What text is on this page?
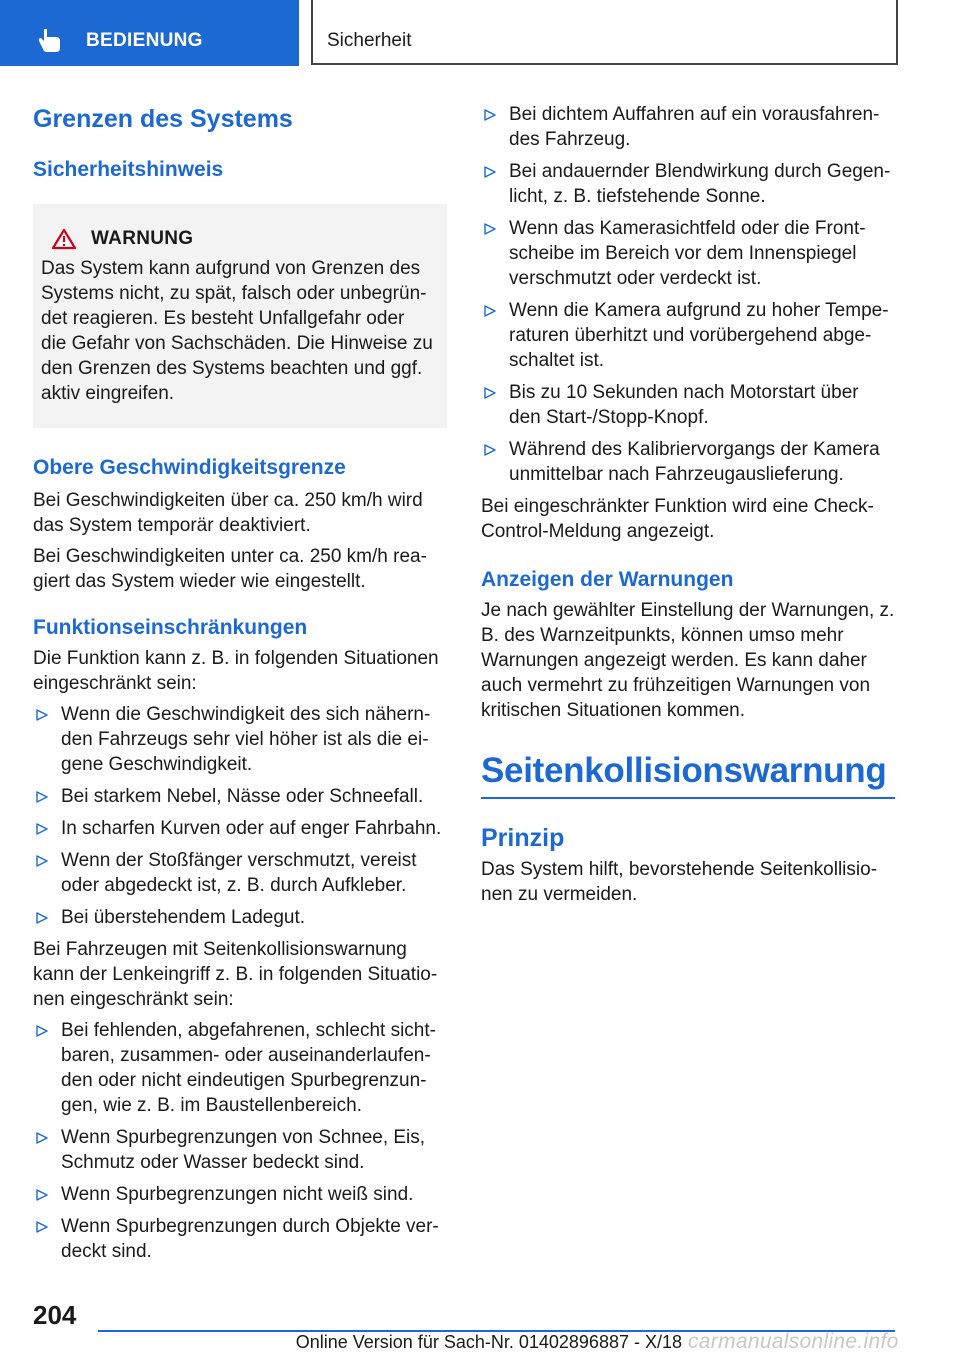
BEDIENUNG	Sicherheit
Grenzen des Systems
Sicherheitshinweis
WARNUNG

Das System kann aufgrund von Grenzen des Systems nicht, zu spät, falsch oder unbegrün-det reagieren. Es besteht Unfallgefahr oder die Gefahr von Sachschäden. Die Hinweise zu den Grenzen des Systems beachten und ggf. aktiv eingreifen.

Obere Geschwindigkeitsgrenze

Bei Geschwindigkeiten über ca. 250 km/h wird das System temporär deaktiviert.

Bei Geschwindigkeiten unter ca. 250 km/h rea-giert das System wieder wie eingestellt.

Funktionseinschränkungen

Die Funktion kann z. B. in folgenden Situationen eingeschränkt sein:

Wenn die Geschwindigkeit des sich nähern-den Fahrzeugs sehr viel höher ist als die ei-gene Geschwindigkeit.
Bei starkem Nebel, Nässe oder Schneefall.
In scharfen Kurven oder auf enger Fahrbahn.
Wenn der Stoßfänger verschmutzt, vereist oder abgedeckt ist, z. B. durch Aufkleber.
Bei überstehendem Ladegut.

Bei Fahrzeugen mit Seitenkollisionswarnung kann der Lenkeingriff z. B. in folgenden Situatio-nen eingeschränkt sein:

Bei fehlenden, abgefahrenen, schlecht sicht-baren, zusammen- oder auseinanderlaufen-den oder nicht eindeutigen Spurbegrenzun-gen, wie z. B. im Baustellenbereich.
Wenn Spurbegrenzungen von Schnee, Eis, Schmutz oder Wasser bedeckt sind.
Wenn Spurbegrenzungen nicht weiß sind.
Wenn Spurbegrenzungen durch Objekte ver-deckt sind.
Bei dichtem Auffahren auf ein vorausfahren-des Fahrzeug.
Bei andauernder Blendwirkung durch Gegen-licht, z. B. tiefstehende Sonne.
Wenn das Kamerasichtfeld oder die Front-scheibe im Bereich vor dem Innenspiegel verschmutzt oder verdeckt ist.
Wenn die Kamera aufgrund zu hoher Tempe-raturen überhitzt und vorübergehend abge-schaltet ist.
Bis zu 10 Sekunden nach Motorstart über den Start-/Stopp-Knopf.
Während des Kalibriervorgangs der Kamera unmittelbar nach Fahrzeugauslieferung.

Bei eingeschränkter Funktion wird eine Check-Control-Meldung angezeigt.

Anzeigen der Warnungen

Je nach gewählter Einstellung der Warnungen, z. B. des Warnzeitpunkts, können umso mehr Warnungen angezeigt werden. Es kann daher auch vermehrt zu frühzeitigen Warnungen von kritischen Situationen kommen.

Seitenkollisionswarnung
Prinzip

Das System hilft, bevorstehende Seitenkollisio-nen zu vermeiden.

204
Online Version für Sach-Nr. 01402896887 - X/18 carmanualsonline.info
